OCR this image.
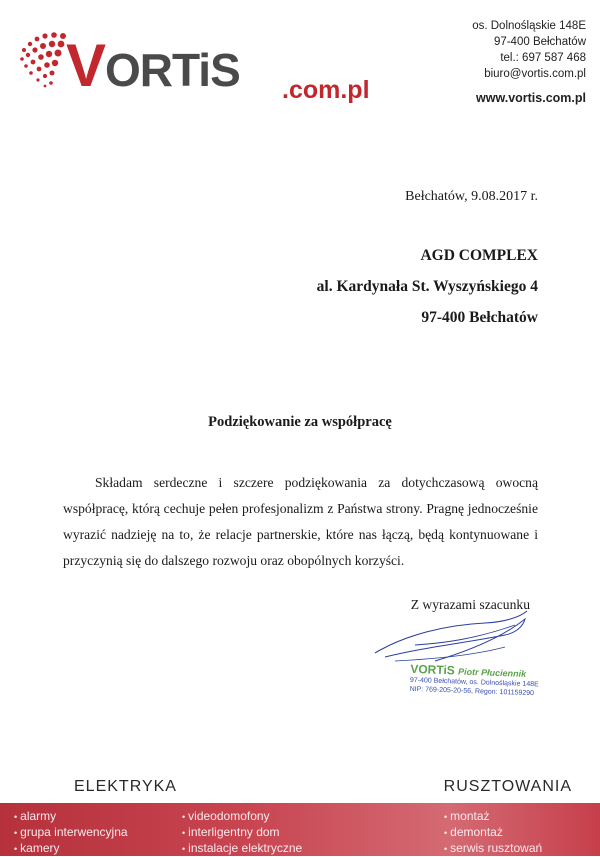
VORTiS .com.pl
os. Dolnośląskie 148E
97-400 Bełchatów
tel.: 697 587 468
biuro@vortis.com.pl
www.vortis.com.pl
Bełchatów, 9.08.2017 r.
AGD COMPLEX
al. Kardynała St. Wyszyńskiego 4
97-400 Bełchatów
Podziękowanie za współpracę

Składam serdeczne i szczere podziękowania za dotychczasową owocną współpracę, którą cechuje pełen profesjonalizm z Państwa strony. Pragnę jednocześnie wyrazić nadzieję na to, że relacje partnerskie, które nas łączą, będą kontynuowane i przyczynią się do dalszego rozwoju oraz obopólnych korzyści.

Z wyrazami szacunku
VORTiS Piotr Płuciennik
97-400 Bełchatów, os. Dolnośląskie 148E
NIP: 769-205-20-56, Regon: 101159290
ELEKTRYKA	RUSZTOWANIA
• alarmy
• grupa interwencyjna
• kamery
• videodomofony
• interligentny dom
• instalacje elektryczne
• montaż
• demontaż
• serwis rusztowań
